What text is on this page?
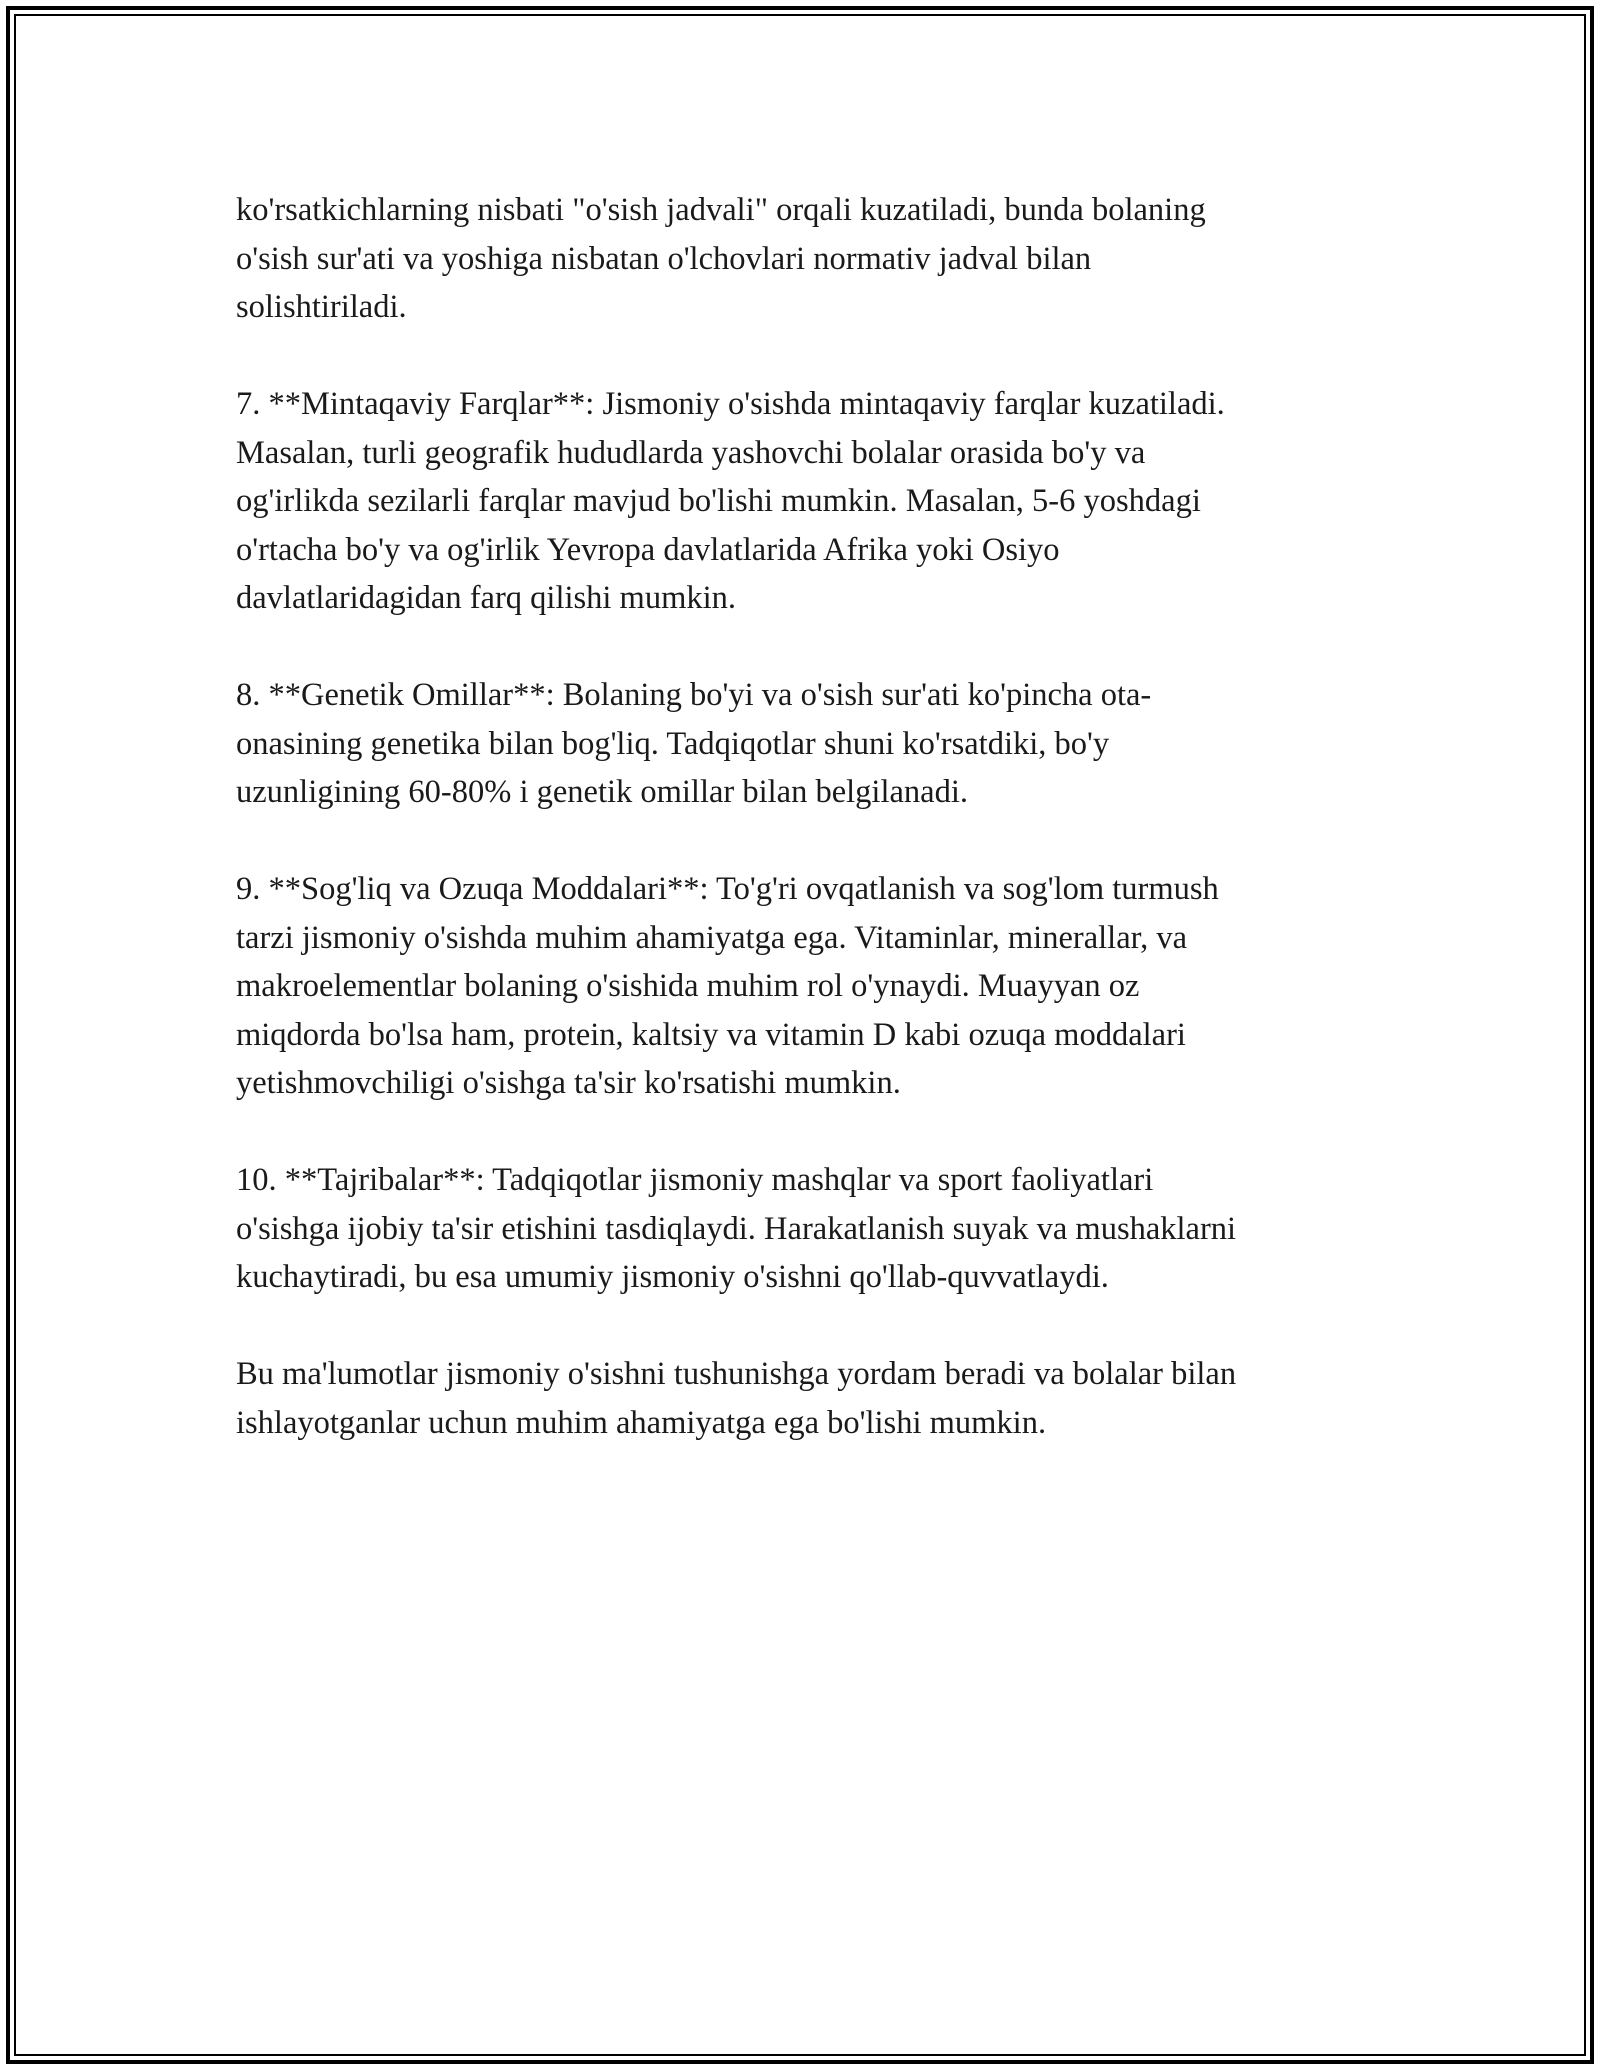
ko'rsatkichlarning nisbati "o'sish jadvali" orqali kuzatiladi, bunda bolaning
o'sish sur'ati va yoshiga nisbatan o'lchovlari normativ jadval bilan
solishtiriladi.

7. **Mintaqaviy Farqlar**: Jismoniy o'sishda mintaqaviy farqlar kuzatiladi.
Masalan, turli geografik hududlarda yashovchi bolalar orasida bo'y va
og'irlikda sezilarli farqlar mavjud bo'lishi mumkin. Masalan, 5-6 yoshdagi
o'rtacha bo'y va og'irlik Yevropa davlatlarida Afrika yoki Osiyo
davlatlaridagidan farq qilishi mumkin.

8. **Genetik Omillar**: Bolaning bo'yi va o'sish sur'ati ko'pincha ota-
onasining genetika bilan bog'liq. Tadqiqotlar shuni ko'rsatdiki, bo'y
uzunligining 60-80% i genetik omillar bilan belgilanadi.

9. **Sog'liq va Ozuqa Moddalari**: To'g'ri ovqatlanish va sog'lom turmush
tarzi jismoniy o'sishda muhim ahamiyatga ega. Vitaminlar, minerallar, va
makroelementlar bolaning o'sishida muhim rol o'ynaydi. Muayyan oz
miqdorda bo'lsa ham, protein, kaltsiy va vitamin D kabi ozuqa moddalari
yetishmovchiligi o'sishga ta'sir ko'rsatishi mumkin.

10. **Tajribalar**: Tadqiqotlar jismoniy mashqlar va sport faoliyatlari
o'sishga ijobiy ta'sir etishini tasdiqlaydi. Harakatlanish suyak va mushaklarni
kuchaytiradi, bu esa umumiy jismoniy o'sishni qo'llab-quvvatlaydi.

Bu ma'lumotlar jismoniy o'sishni tushunishga yordam beradi va bolalar bilan
ishlayotganlar uchun muhim ahamiyatga ega bo'lishi mumkin.
